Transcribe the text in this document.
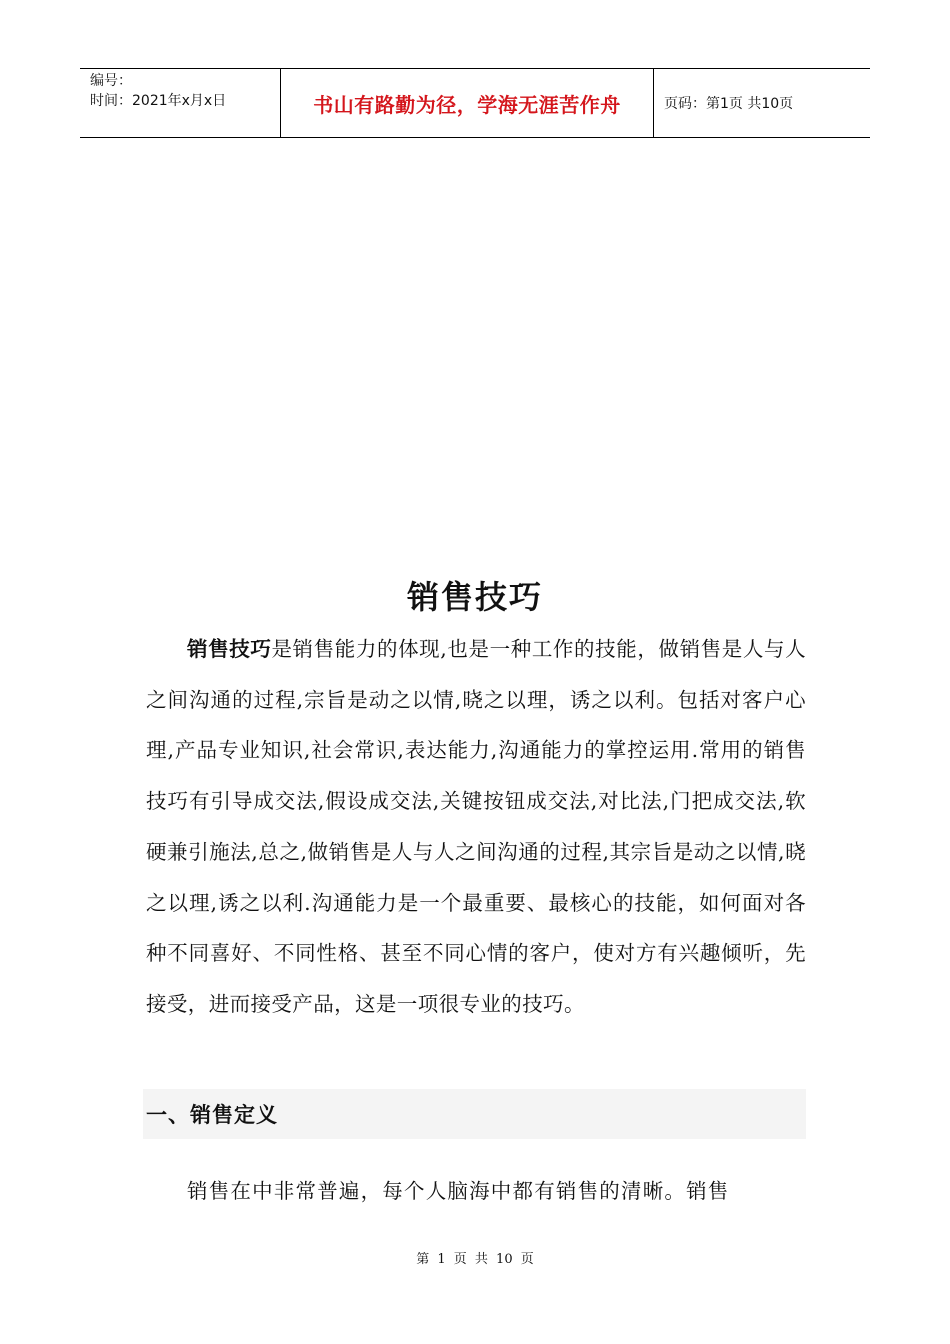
编号：
时间：2021年x月x日	书山有路勤为径，学海无涯苦作舟	页码：第1页 共10页
销售技巧
销售技巧是销售能力的体现,也是一种工作的技能，做销售是人与人之间沟通的过程,宗旨是动之以情,晓之以理，诱之以利。包括对客户心理,产品专业知识,社会常识,表达能力,沟通能力的掌控运用.常用的销售技巧有引导成交法,假设成交法,关键按钮成交法,对比法,门把成交法,软硬兼引施法,总之,做销售是人与人之间沟通的过程,其宗旨是动之以情,晓之以理,诱之以利.沟通能力是一个最重要、最核心的技能，如何面对各种不同喜好、不同性格、甚至不同心情的客户，使对方有兴趣倾听，先接受，进而接受产品，这是一项很专业的技巧。
一、销售定义
销售在中非常普遍，每个人脑海中都有销售的清晰。销售
第 1 页 共 10 页
